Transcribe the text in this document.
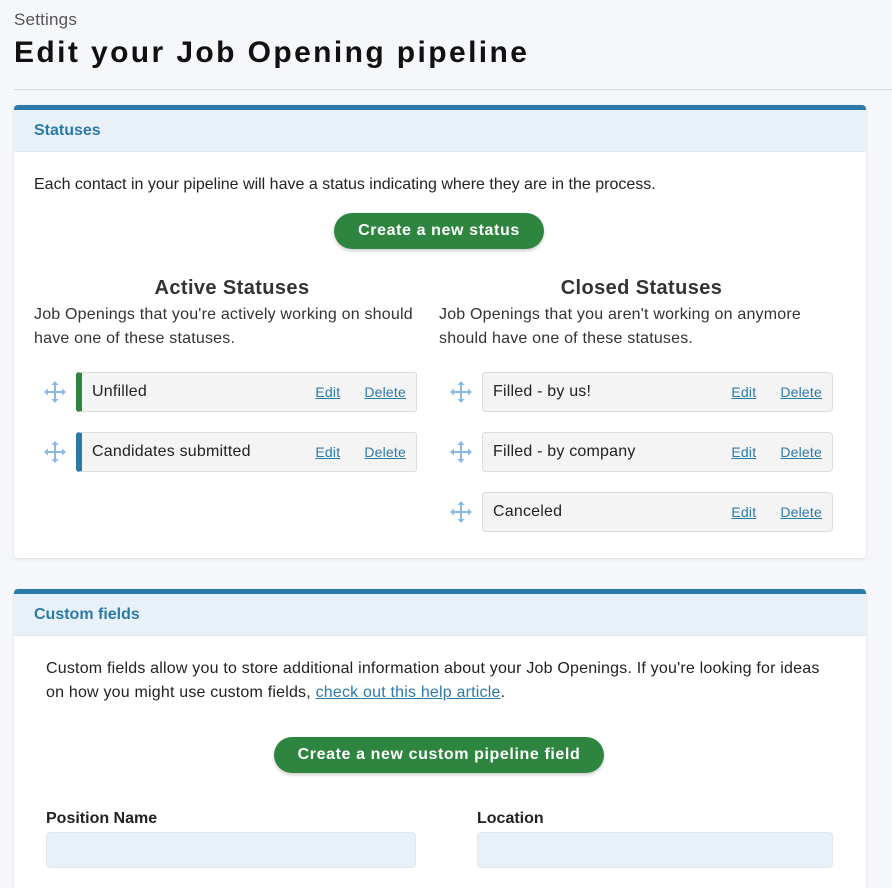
Settings
Edit your Job Opening pipeline
Statuses
Each contact in your pipeline will have a status indicating where they are in the process.
Create a new status
Active Statuses
Job Openings that you're actively working on should have one of these statuses.
Closed Statuses
Job Openings that you aren't working on anymore should have one of these statuses.
Unfilled	Edit Delete
Candidates submitted	Edit Delete
Filled - by us!	Edit Delete
Filled - by company	Edit Delete
Canceled	Edit Delete
Custom fields
Custom fields allow you to store additional information about your Job Openings. If you're looking for ideas on how you might use custom fields, check out this help article.
Create a new custom pipeline field
Position Name	Location
